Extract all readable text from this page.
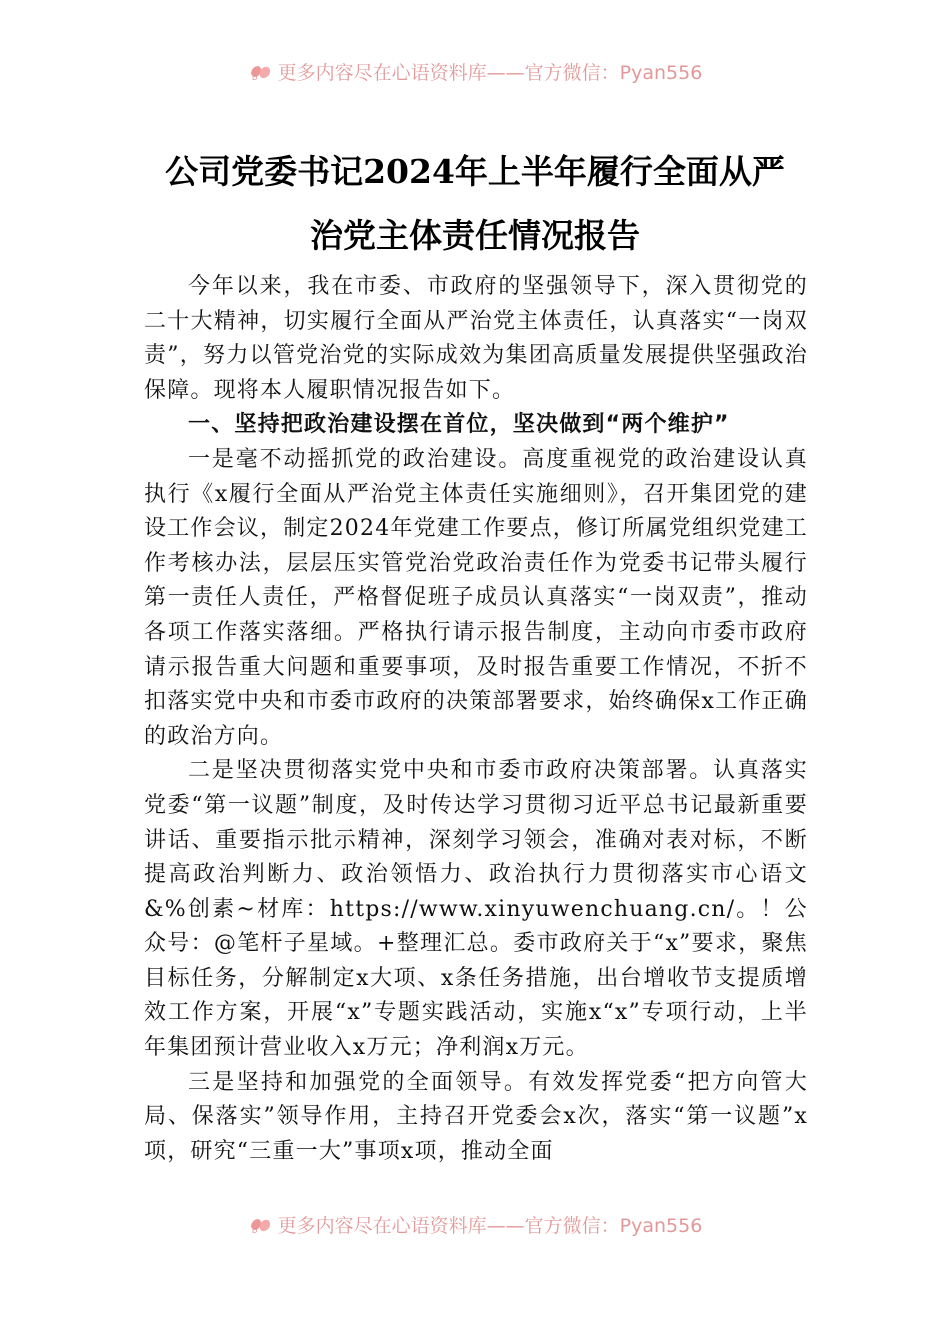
D 更多内容尽在心语资料库——官方微信：Pyan556
公司党委书记2024年上半年履行全面从严
治党主体责任情况报告

今年以来，我在市委、市政府的坚强领导下，深入贯彻党的二十大精神，切实履行全面从严治党主体责任，认真落实“一岗双责”，努力以管党治党的实际成效为集团高质量发展提供坚强政治保障。现将本人履职情况报告如下。

一、坚持把政治建设摆在首位，坚决做到“两个维护”

一是毫不动摇抓党的政治建设。高度重视党的政治建设认真执行《x履行全面从严治党主体责任实施细则》，召开集团党的建设工作会议，制定2024年党建工作要点，修订所属党组织党建工作考核办法，层层压实管党治党政治责任作为党委书记带头履行第一责任人责任，严格督促班子成员认真落实“一岗双责”，推动各项工作落实落细。严格执行请示报告制度，主动向市委市政府请示报告重大问题和重要事项，及时报告重要工作情况，不折不扣落实党中央和市委市政府的决策部署要求，始终确保x工作正确的政治方向。

二是坚决贯彻落实党中央和市委市政府决策部署。认真落实党委“第一议题”制度，及时传达学习贯彻习近平总书记最新重要讲话、重要指示批示精神，深刻学习领会，准确对表对标，不断提高政治判断力、政治领悟力、政治执行力贯彻落实市心语文&%创素~材库：https://www.xinyuwenchuang.cn/。！公众号：@笔杆子星域。+整理汇总。委市政府关于“x”要求，聚焦目标任务，分解制定x大项、x条任务措施，出台增收节支提质增效工作方案，开展“x”专题实践活动，实施x“x”专项行动，上半年集团预计营业收入x万元；净利润x万元。

三是坚持和加强党的全面领导。有效发挥党委“把方向管大局、保落实”领导作用，主持召开党委会x次，落实“第一议题”x项，研究“三重一大”事项x项，推动全面

D 更多内容尽在心语资料库——官方微信：Pyan556
